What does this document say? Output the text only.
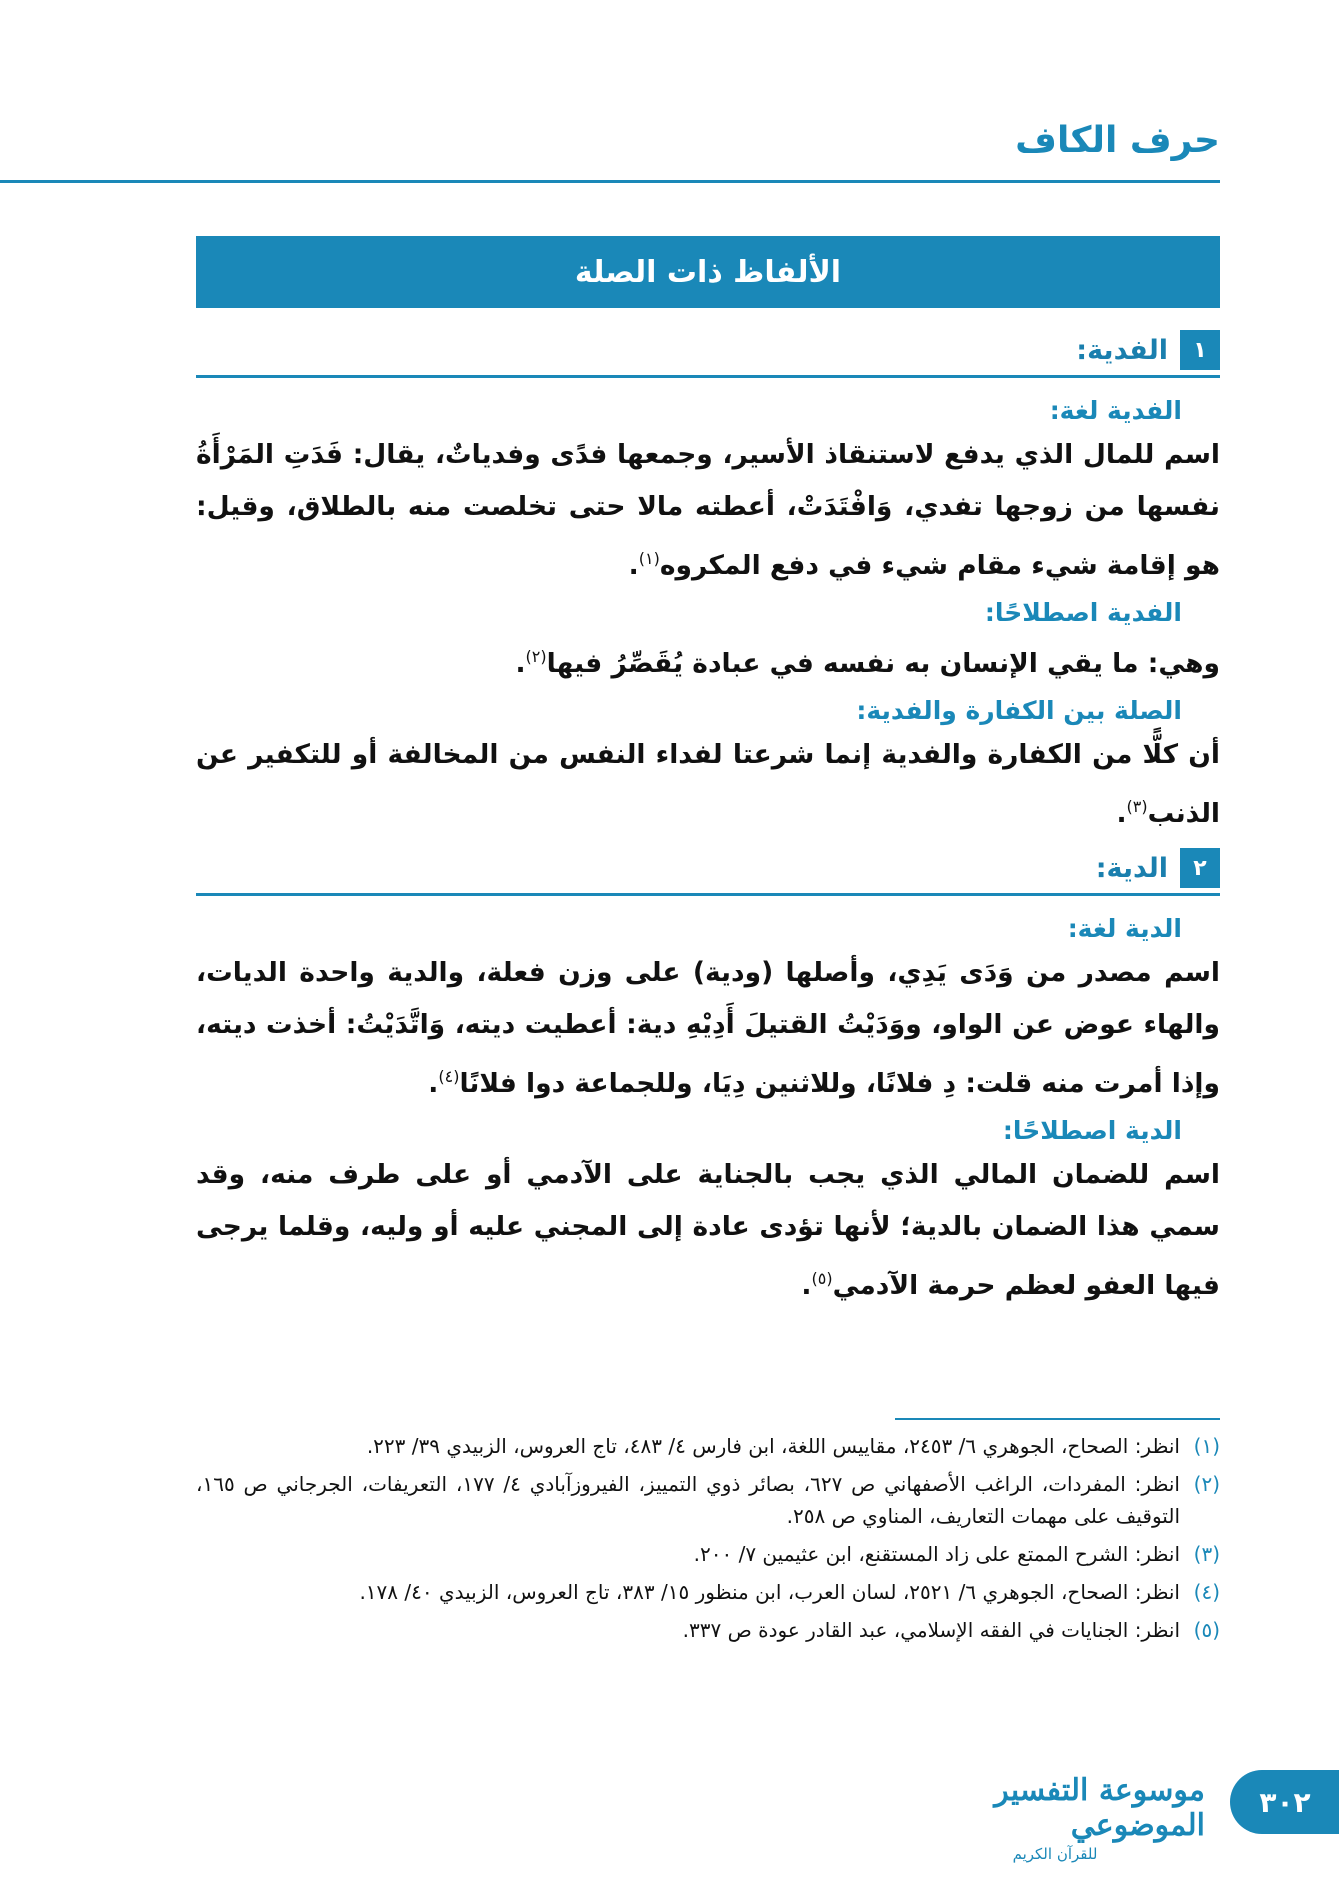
حرف الكاف
الألفاظ ذات الصلة
١
الفدية:
الفدية لغة:

اسم للمال الذي يدفع لاستنقاذ الأسير، وجمعها فدًى وفدياتٌ، يقال: فَدَتِ المَرْأَةُ نفسها من زوجها تفدي، وَافْتَدَتْ، أعطته مالا حتى تخلصت منه بالطلاق، وقيل: هو إقامة شيء مقام شيء في دفع المكروه$^{(١)}$.

الفدية اصطلاحًا:

وهي: ما يقي الإنسان به نفسه في عبادة يُقَصِّرُ فيها$^{(٢)}$.

الصلة بين الكفارة والفدية:

أن كلًّا من الكفارة والفدية إنما شرعتا لفداء النفس من المخالفة أو للتكفير عن الذنب$^{(٣)}$.

٢
الدية:
الدية لغة:

اسم مصدر من وَدَى يَدِي، وأصلها (ودية) على وزن فعلة، والدية واحدة الديات، والهاء عوض عن الواو، ووَدَيْتُ القتيلَ أَدِيْهِ دية: أعطيت ديته، وَاتَّدَيْتُ: أخذت ديته، وإذا أمرت منه قلت: دِ فلانًا، وللاثنين دِيَا، وللجماعة دوا فلانًا$^{(٤)}$.

الدية اصطلاحًا:

اسم للضمان المالي الذي يجب بالجناية على الآدمي أو على طرف منه، وقد سمي هذا الضمان بالدية؛ لأنها تؤدى عادة إلى المجني عليه أو وليه، وقلما يرجى فيها العفو لعظم حرمة الآدمي$^{(٥)}$.

(١)
انظر: الصحاح، الجوهري ٦/ ٢٤٥٣، مقاييس اللغة، ابن فارس ٤/ ٤٨٣، تاج العروس، الزبيدي ٣٩/ ٢٢٣.
(٢)
انظر: المفردات، الراغب الأصفهاني ص ٦٢٧، بصائر ذوي التمييز، الفيروزآبادي ٤/ ١٧٧، التعريفات، الجرجاني ص ١٦٥، التوقيف على مهمات التعاريف، المناوي ص ٢٥٨.
(٣)
انظر: الشرح الممتع على زاد المستقنع، ابن عثيمين ٧/ ٢٠٠.
(٤)
انظر: الصحاح، الجوهري ٦/ ٢٥٢١، لسان العرب، ابن منظور ١٥/ ٣٨٣، تاج العروس، الزبيدي ٤٠/ ١٧٨.
(٥)
انظر: الجنايات في الفقه الإسلامي، عبد القادر عودة ص ٣٣٧.
موسوعة التفسير الموضوعي
للقرآن الكريم
٣٠٢
